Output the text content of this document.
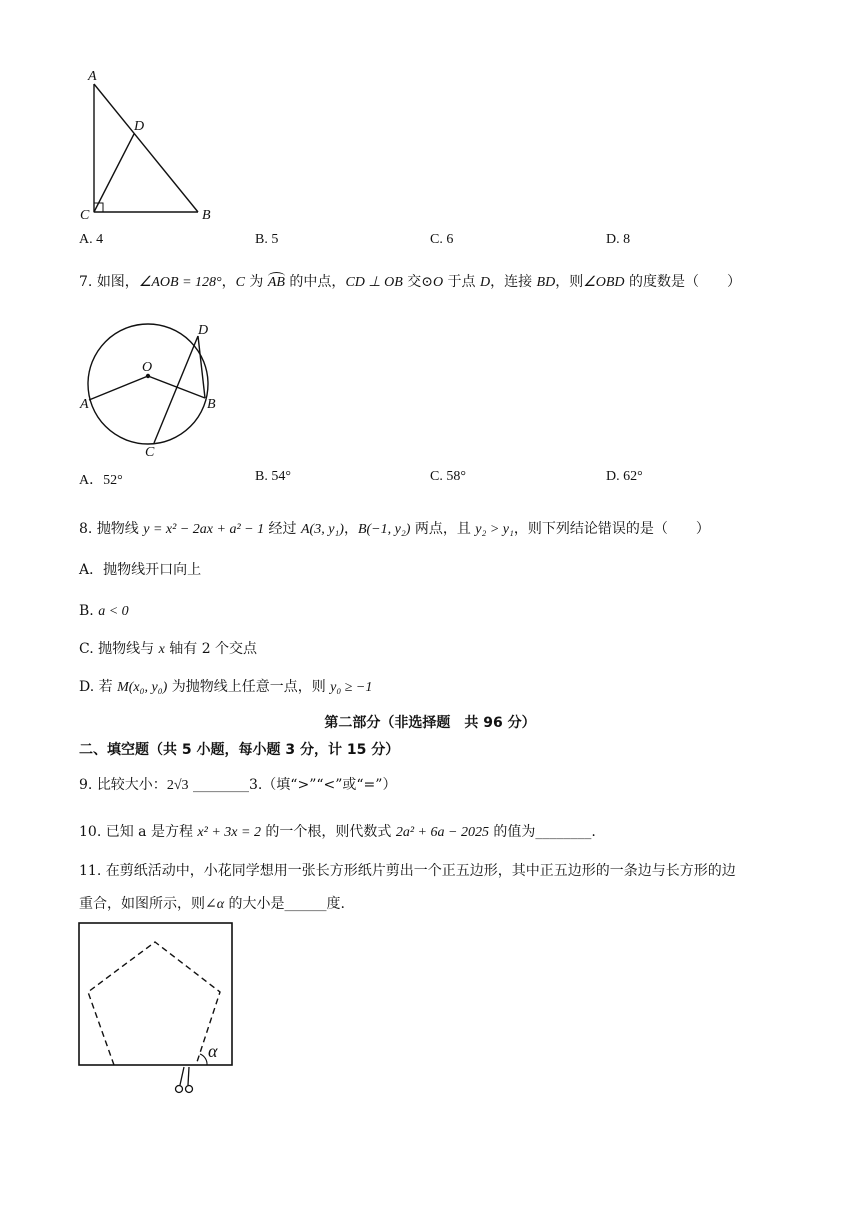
A
D
C	B
A. 4	B. 5	C. 6	D. 8
7. 如图，∠AOB = 128°，C 为 AB 的中点，CD ⊥ OB 交⊙O 于点 D，连接 BD，则∠OBD 的度数是（　　）
O
A	B
C
D
A．52°	B. 54°	C. 58°	D. 62°
8. 抛物线 y = x² − 2ax + a² − 1 经过 A(3, y₁)，B(−1, y₂) 两点，且 y₂ > y₁，则下列结论错误的是（　　）
A．抛物线开口向上
B. a < 0
C. 抛物线与 x 轴有 2 个交点
D. 若 M(x₀, y₀) 为抛物线上任意一点，则 y₀ ≥ −1
第二部分（非选择题　共 96 分）
二、填空题（共 5 小题，每小题 3 分，计 15 分）
9. 比较大小：2√3 ________3.（填“>”“<”或“=”）
10. 已知 a 是方程 x² + 3x = 2 的一个根，则代数式 2a² + 6a − 2025 的值为________.
11. 在剪纸活动中，小花同学想用一张长方形纸片剪出一个正五边形，其中正五边形的一条边与长方形的边
重合，如图所示，则∠α 的大小是______度.
α
